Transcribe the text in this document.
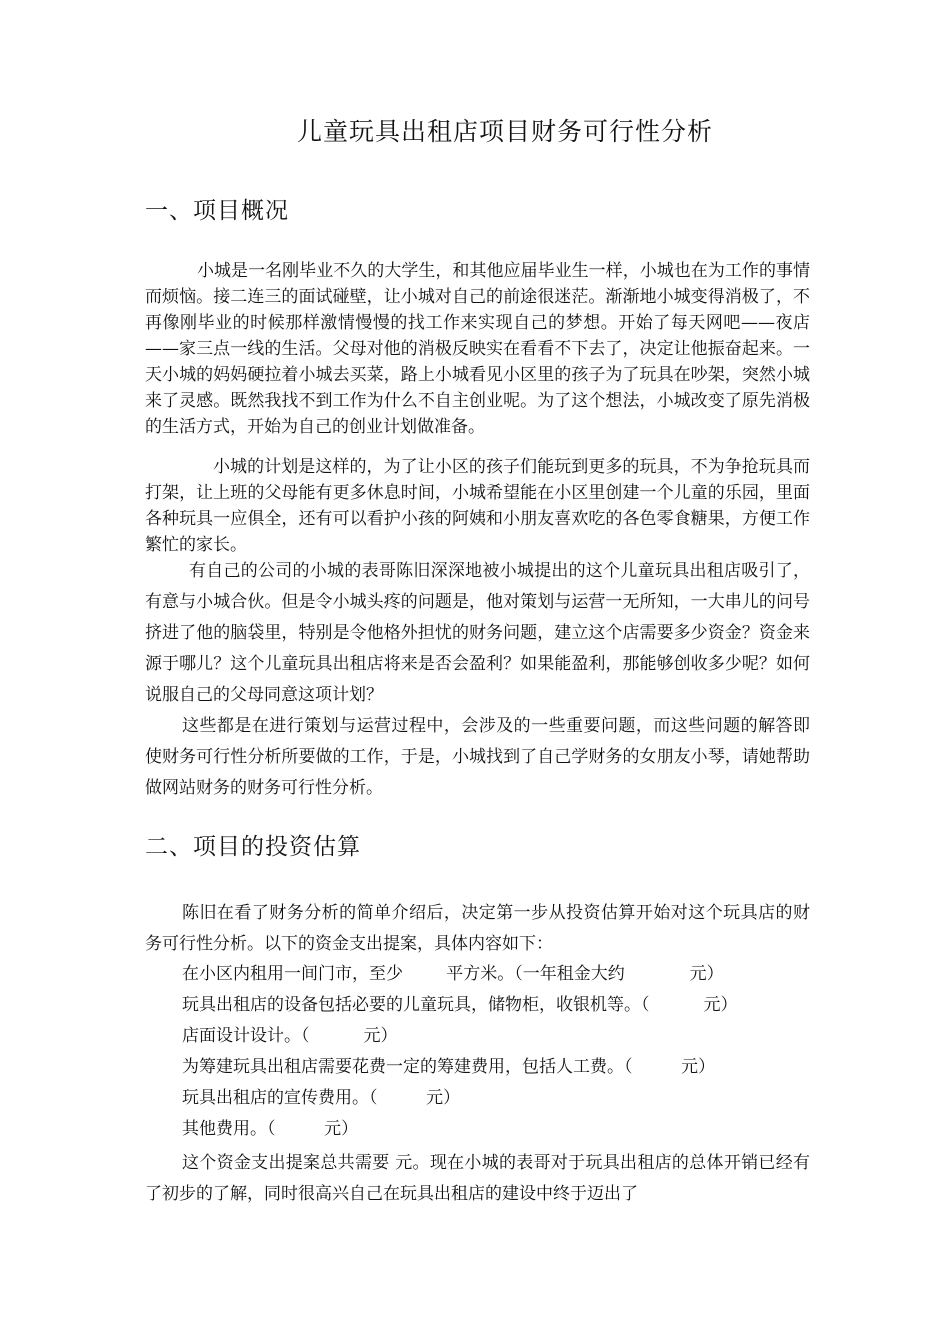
儿童玩具出租店项目财务可行性分析
一、项目概况

小城是一名刚毕业不久的大学生，和其他应届毕业生一样，小城也在为工作的事情而烦恼。接二连三的面试碰壁，让小城对自己的前途很迷茫。渐渐地小城变得消极了，不再像刚毕业的时候那样激情慢慢的找工作来实现自己的梦想。开始了每天网吧——夜店——家三点一线的生活。父母对他的消极反映实在看看不下去了，决定让他振奋起来。一天小城的妈妈硬拉着小城去买菜，路上小城看见小区里的孩子为了玩具在吵架，突然小城来了灵感。既然我找不到工作为什么不自主创业呢。为了这个想法，小城改变了原先消极的生活方式，开始为自己的创业计划做准备。

小城的计划是这样的，为了让小区的孩子们能玩到更多的玩具，不为争抢玩具而打架，让上班的父母能有更多休息时间，小城希望能在小区里创建一个儿童的乐园，里面各种玩具一应俱全，还有可以看护小孩的阿姨和小朋友喜欢吃的各色零食糖果，方便工作繁忙的家长。

有自己的公司的小城的表哥陈旧深深地被小城提出的这个儿童玩具出租店吸引了，有意与小城合伙。但是令小城头疼的问题是，他对策划与运营一无所知，一大串儿的问号挤进了他的脑袋里，特别是令他格外担忧的财务问题，建立这个店需要多少资金？资金来源于哪儿？这个儿童玩具出租店将来是否会盈利？如果能盈利，那能够创收多少呢？如何说服自己的父母同意这项计划？

这些都是在进行策划与运营过程中，会涉及的一些重要问题，而这些问题的解答即使财务可行性分析所要做的工作，于是，小城找到了自己学财务的女朋友小琴，请她帮助做网站财务的财务可行性分析。

二、项目的投资估算

陈旧在看了财务分析的简单介绍后，决定第一步从投资估算开始对这个玩具店的财务可行性分析。以下的资金支出提案，具体内容如下：

在小区内租用一间门市，至少        平方米。（一年租金大约            元）

玩具出租店的设备包括必要的儿童玩具，储物柜，收银机等。（          元）

店面设计设计。（          元）

为筹建玩具出租店需要花费一定的筹建费用，包括人工费。（         元）

玩具出租店的宣传费用。（         元）

其他费用。（         元）

这个资金支出提案总共需要 元。现在小城的表哥对于玩具出租店的总体开销已经有了初步的了解，同时很高兴自己在玩具出租店的建设中终于迈出了
